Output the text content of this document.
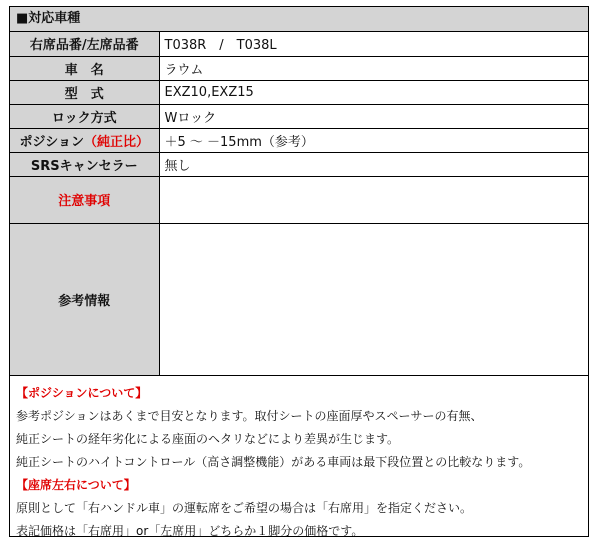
■対応車種
右席品番/左席品番	T038R　/　T038L
車　名	ラウム
型　式	EXZ10,EXZ15
ロック方式	Wロック
ポジション（純正比）	＋5 〜 －15mm（参考）
SRSキャンセラー	無し
注意事項	
参考情報	
【ポジションについて】
参考ポジションはあくまで目安となります。取付シートの座面厚やスペーサーの有無、
純正シートの経年劣化による座面のヘタリなどにより差異が生じます。
純正シートのハイトコントロール（高さ調整機能）がある車両は最下段位置との比較なります。
【座席左右について】
原則として「右ハンドル車」の運転席をご希望の場合は「右席用」を指定ください。
表記価格は「右席用」or「左席用」どちらか１脚分の価格です。
